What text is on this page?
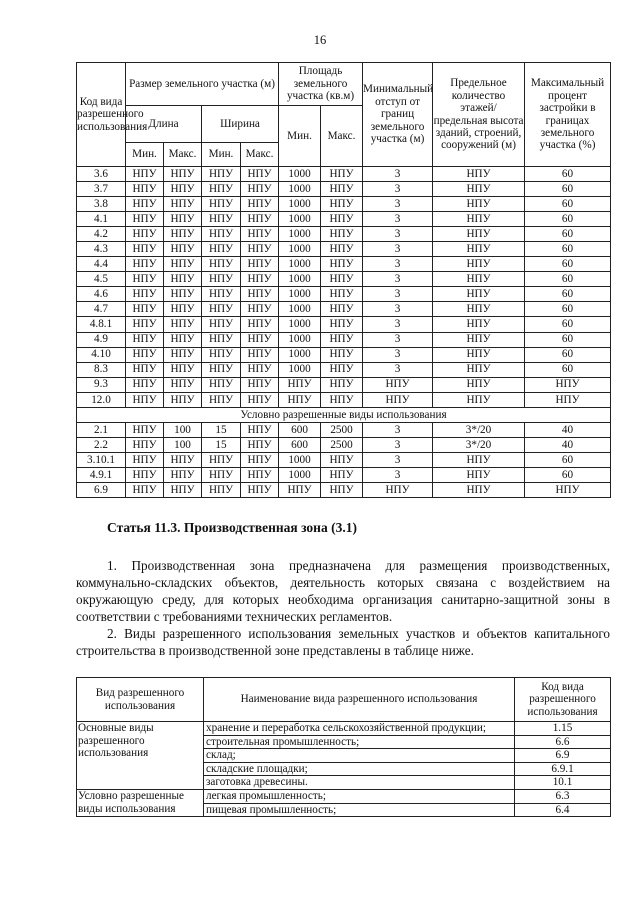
16
Код вида разрешенного использования	Размер земельного участка (м)				Площадь земельного участка (кв.м)		Минимальный отступ от границ земельного участка (м)	Предельное количество этажей/ предельная высота зданий, строений, сооружений (м)	Максимальный процент застройки в границах земельного участка (%)
	Длина		Ширина		Мин.	Макс.			
	Мин.	Макс.	Мин.	Макс.					
3.6	НПУ	НПУ	НПУ	НПУ	1000	НПУ	3	НПУ	60
3.7	НПУ	НПУ	НПУ	НПУ	1000	НПУ	3	НПУ	60
3.8	НПУ	НПУ	НПУ	НПУ	1000	НПУ	3	НПУ	60
4.1	НПУ	НПУ	НПУ	НПУ	1000	НПУ	3	НПУ	60
4.2	НПУ	НПУ	НПУ	НПУ	1000	НПУ	3	НПУ	60
4.3	НПУ	НПУ	НПУ	НПУ	1000	НПУ	3	НПУ	60
4.4	НПУ	НПУ	НПУ	НПУ	1000	НПУ	3	НПУ	60
4.5	НПУ	НПУ	НПУ	НПУ	1000	НПУ	3	НПУ	60
4.6	НПУ	НПУ	НПУ	НПУ	1000	НПУ	3	НПУ	60
4.7	НПУ	НПУ	НПУ	НПУ	1000	НПУ	3	НПУ	60
4.8.1	НПУ	НПУ	НПУ	НПУ	1000	НПУ	3	НПУ	60
4.9	НПУ	НПУ	НПУ	НПУ	1000	НПУ	3	НПУ	60
4.10	НПУ	НПУ	НПУ	НПУ	1000	НПУ	3	НПУ	60
8.3	НПУ	НПУ	НПУ	НПУ	1000	НПУ	3	НПУ	60
9.3	НПУ	НПУ	НПУ	НПУ	НПУ	НПУ	НПУ	НПУ	НПУ
12.0	НПУ	НПУ	НПУ	НПУ	НПУ	НПУ	НПУ	НПУ	НПУ
Условно разрешенные виды использования									
2.1	НПУ	100	15	НПУ	600	2500	3	3*/20	40
2.2	НПУ	100	15	НПУ	600	2500	3	3*/20	40
3.10.1	НПУ	НПУ	НПУ	НПУ	1000	НПУ	3	НПУ	60
4.9.1	НПУ	НПУ	НПУ	НПУ	1000	НПУ	3	НПУ	60
6.9	НПУ	НПУ	НПУ	НПУ	НПУ	НПУ	НПУ	НПУ	НПУ
Статья 11.3. Производственная зона (3.1)
1. Производственная зона предназначена для размещения производственных, коммунально-складских объектов, деятельность которых связана с воздействием на окружающую среду, для которых необходима организация санитарно-защитной зоны в соответствии с требованиями технических регламентов.
2. Виды разрешенного использования земельных участков и объектов капитального строительства в производственной зоне представлены в таблице ниже.
Вид разрешенного использования	Наименование вида разрешенного использования	Код вида разрешенного использования
Основные виды разрешенного использования	хранение и переработка сельскохозяйственной продукции;	1.15
	строительная промышленность;	6.6
	склад;	6.9
	складские площадки;	6.9.1
	заготовка древесины.	10.1
Условно разрешенные виды использования	легкая промышленность;	6.3
	пищевая промышленность;	6.4
